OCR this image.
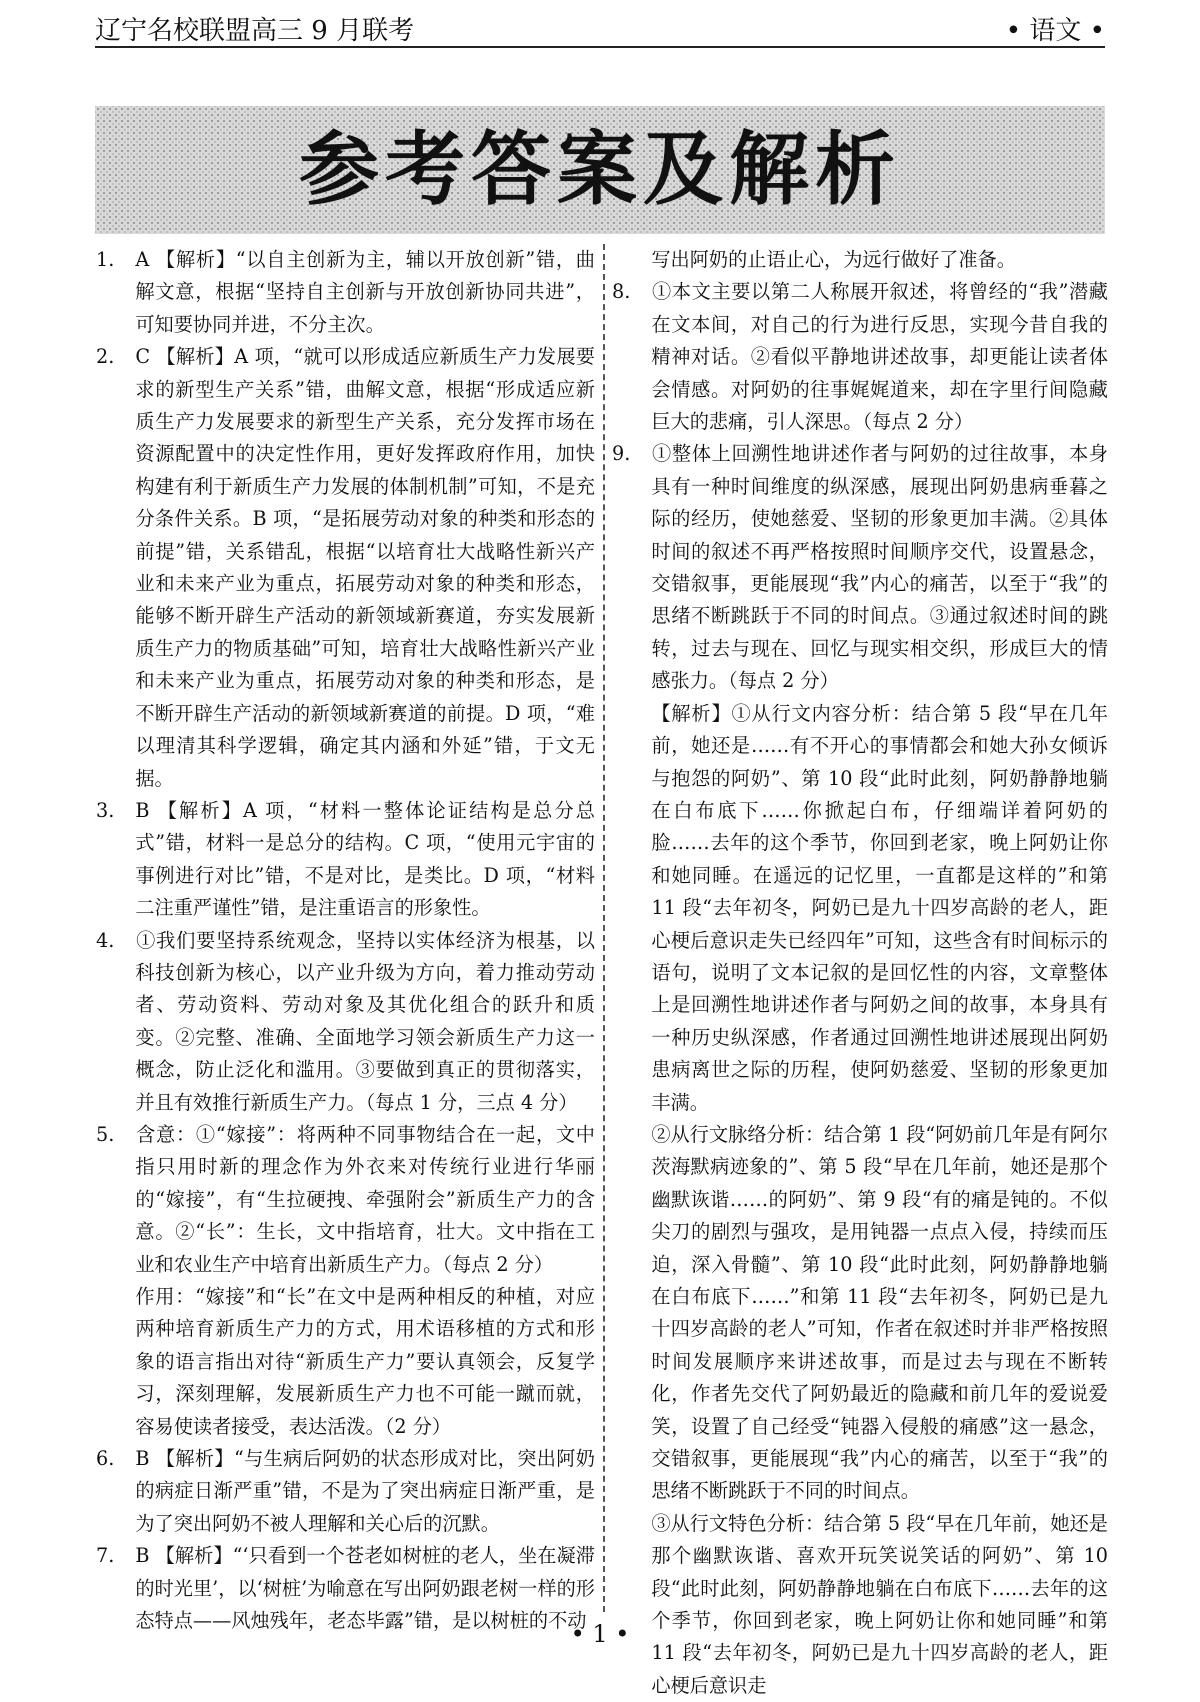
辽宁名校联盟高三 9 月联考	• 语文 •
参考答案及解析

1. A 【解析】“以自主创新为主，辅以开放创新”错，曲解文意，根据“坚持自主创新与开放创新协同共进”，可知要协同并进，不分主次。

2. C 【解析】A 项，“就可以形成适应新质生产力发展要求的新型生产关系”错，曲解文意，根据“形成适应新质生产力发展要求的新型生产关系，充分发挥市场在资源配置中的决定性作用，更好发挥政府作用，加快构建有利于新质生产力发展的体制机制”可知，不是充分条件关系。B 项，“是拓展劳动对象的种类和形态的前提”错，关系错乱，根据“以培育壮大战略性新兴产业和未来产业为重点，拓展劳动对象的种类和形态，能够不断开辟生产活动的新领域新赛道，夯实发展新质生产力的物质基础”可知，培育壮大战略性新兴产业和未来产业为重点，拓展劳动对象的种类和形态，是不断开辟生产活动的新领域新赛道的前提。D 项，“难以理清其科学逻辑，确定其内涵和外延”错，于文无据。

3. B 【解析】A 项，“材料一整体论证结构是总分总式”错，材料一是总分的结构。C 项，“使用元宇宙的事例进行对比”错，不是对比，是类比。D 项，“材料二注重严谨性”错，是注重语言的形象性。

4. ①我们要坚持系统观念，坚持以实体经济为根基，以科技创新为核心，以产业升级为方向，着力推动劳动者、劳动资料、劳动对象及其优化组合的跃升和质变。②完整、准确、全面地学习领会新质生产力这一概念，防止泛化和滥用。③要做到真正的贯彻落实，并且有效推行新质生产力。（每点 1 分，三点 4 分）

5. 含意：①“嫁接”：将两种不同事物结合在一起，文中指只用时新的理念作为外衣来对传统行业进行华丽的“嫁接”，有“生拉硬拽、牵强附会”新质生产力的含意。②“长”：生长，文中指培育，壮大。文中指在工业和农业生产中培育出新质生产力。（每点 2 分）

作用：“嫁接”和“长”在文中是两种相反的种植，对应两种培育新质生产力的方式，用术语移植的方式和形象的语言指出对待“新质生产力”要认真领会，反复学习，深刻理解，发展新质生产力也不可能一蹴而就，容易使读者接受，表达活泼。（2 分）

6. B 【解析】“与生病后阿奶的状态形成对比，突出阿奶的病症日渐严重”错，不是为了突出病症日渐严重，是为了突出阿奶不被人理解和关心后的沉默。

7. B 【解析】“‘只看到一个苍老如树桩的老人，坐在凝滞的时光里’，以‘树桩’为喻意在写出阿奶跟老树一样的形态特点——风烛残年，老态毕露”错，是以树桩的不动

写出阿奶的止语止心，为远行做好了准备。

8. ①本文主要以第二人称展开叙述，将曾经的“我”潜藏在文本间，对自己的行为进行反思，实现今昔自我的精神对话。②看似平静地讲述故事，却更能让读者体会情感。对阿奶的往事娓娓道来，却在字里行间隐藏巨大的悲痛，引人深思。（每点 2 分）

9. ①整体上回溯性地讲述作者与阿奶的过往故事，本身具有一种时间维度的纵深感，展现出阿奶患病垂暮之际的经历，使她慈爱、坚韧的形象更加丰满。②具体时间的叙述不再严格按照时间顺序交代，设置悬念，交错叙事，更能展现“我”内心的痛苦，以至于“我”的思绪不断跳跃于不同的时间点。③通过叙述时间的跳转，过去与现在、回忆与现实相交织，形成巨大的情感张力。（每点 2 分）

【解析】①从行文内容分析：结合第 5 段“早在几年前，她还是……有不开心的事情都会和她大孙女倾诉与抱怨的阿奶”、第 10 段“此时此刻，阿奶静静地躺在白布底下……你掀起白布，仔细端详着阿奶的脸……去年的这个季节，你回到老家，晚上阿奶让你和她同睡。在遥远的记忆里，一直都是这样的”和第 11 段“去年初冬，阿奶已是九十四岁高龄的老人，距心梗后意识走失已经四年”可知，这些含有时间标示的语句，说明了文本记叙的是回忆性的内容，文章整体上是回溯性地讲述作者与阿奶之间的故事，本身具有一种历史纵深感，作者通过回溯性地讲述展现出阿奶患病离世之际的历程，使阿奶慈爱、坚韧的形象更加丰满。

②从行文脉络分析：结合第 1 段“阿奶前几年是有阿尔茨海默病迹象的”、第 5 段“早在几年前，她还是那个幽默诙谐……的阿奶”、第 9 段“有的痛是钝的。不似尖刀的剧烈与强攻，是用钝器一点点入侵，持续而压迫，深入骨髓”、第 10 段“此时此刻，阿奶静静地躺在白布底下……”和第 11 段“去年初冬，阿奶已是九十四岁高龄的老人”可知，作者在叙述时并非严格按照时间发展顺序来讲述故事，而是过去与现在不断转化，作者先交代了阿奶最近的隐藏和前几年的爱说爱笑，设置了自己经受“钝器入侵般的痛感”这一悬念，交错叙事，更能展现“我”内心的痛苦，以至于“我”的思绪不断跳跃于不同的时间点。

③从行文特色分析：结合第 5 段“早在几年前，她还是那个幽默诙谐、喜欢开玩笑说笑话的阿奶”、第 10 段“此时此刻，阿奶静静地躺在白布底下……去年的这个季节，你回到老家，晚上阿奶让你和她同睡”和第 11 段“去年初冬，阿奶已是九十四岁高龄的老人，距心梗后意识走

• 1 •
